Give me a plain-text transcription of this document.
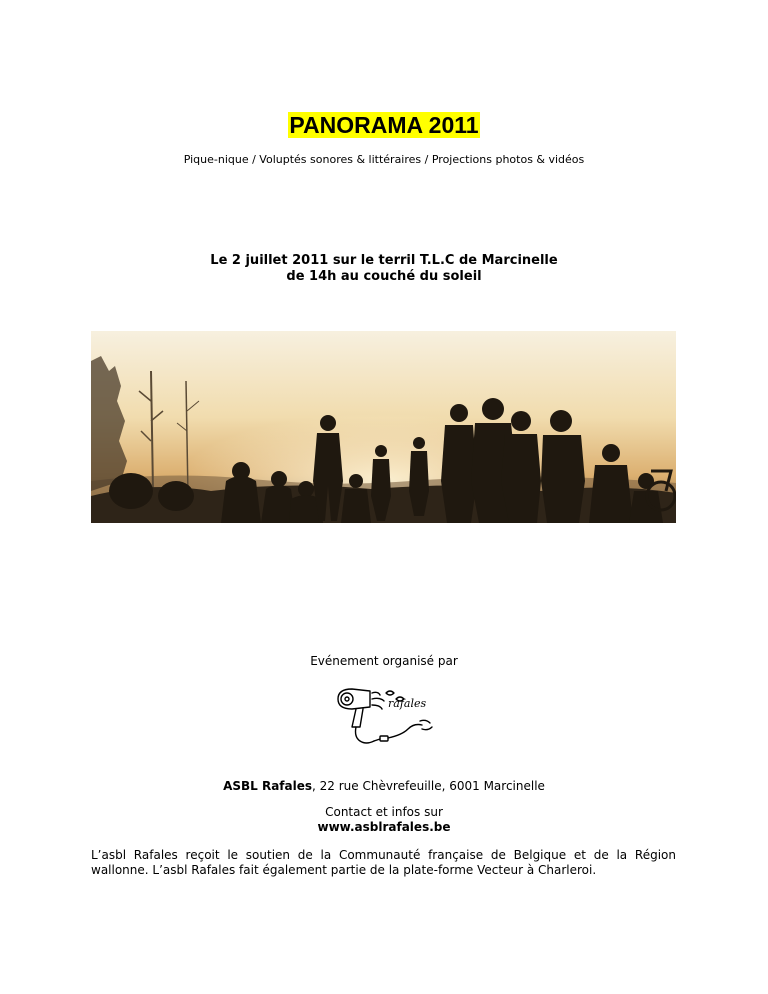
PANORAMA 2011
Pique-nique / Voluptés sonores & littéraires / Projections photos & vidéos
Le 2 juillet 2011 sur le terril T.L.C de Marcinelle
de 14h au couché du soleil
Evénement organisé par
rafales
ASBL Rafales, 22 rue Chèvrefeuille, 6001 Marcinelle
Contact et infos sur
www.asblrafales.be
L’asbl Rafales reçoit le soutien de la Communauté française de Belgique et de la Région
wallonne. L’asbl Rafales fait également partie de la plate-forme Vecteur à Charleroi.
